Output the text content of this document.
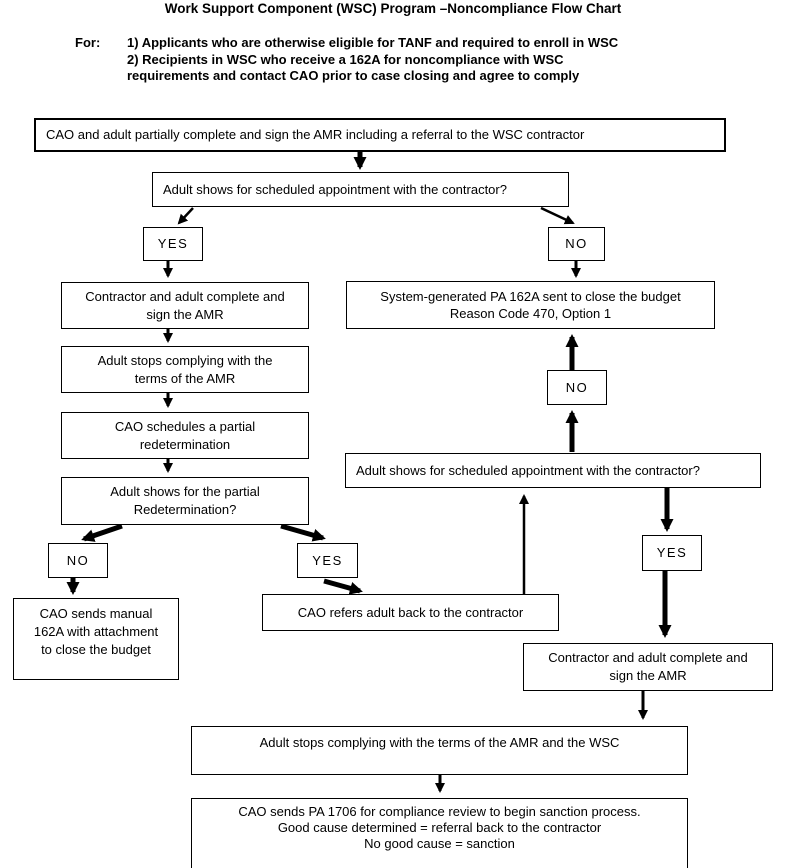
Work Support Component (WSC) Program –Noncompliance Flow Chart
For: 1) Applicants who are otherwise eligible for TANF and required to enroll in WSC
2) Recipients in WSC who receive a 162A for noncompliance with WSC
requirements and contact CAO prior to case closing and agree to comply
CAO and adult partially complete and sign the AMR including a referral to the WSC contractor
Adult shows for scheduled appointment with the contractor?
YES	NO
Contractor and adult complete and
sign the AMR
Adult stops complying with the
terms of the AMR
CAO schedules a partial
redetermination
Adult shows for the partial
Redetermination?
NO	YES
CAO sends manual
162A with attachment
to close the budget
CAO refers adult back to the contractor
System-generated PA 162A sent to close the budget
Reason Code 470, Option 1
NO
Adult shows for scheduled appointment with the contractor?
YES
Contractor and adult complete and
sign the AMR
Adult stops complying with the terms of the AMR and the WSC
CAO sends PA 1706 for compliance review to begin sanction process.
Good cause determined = referral back to the contractor
No good cause = sanction
